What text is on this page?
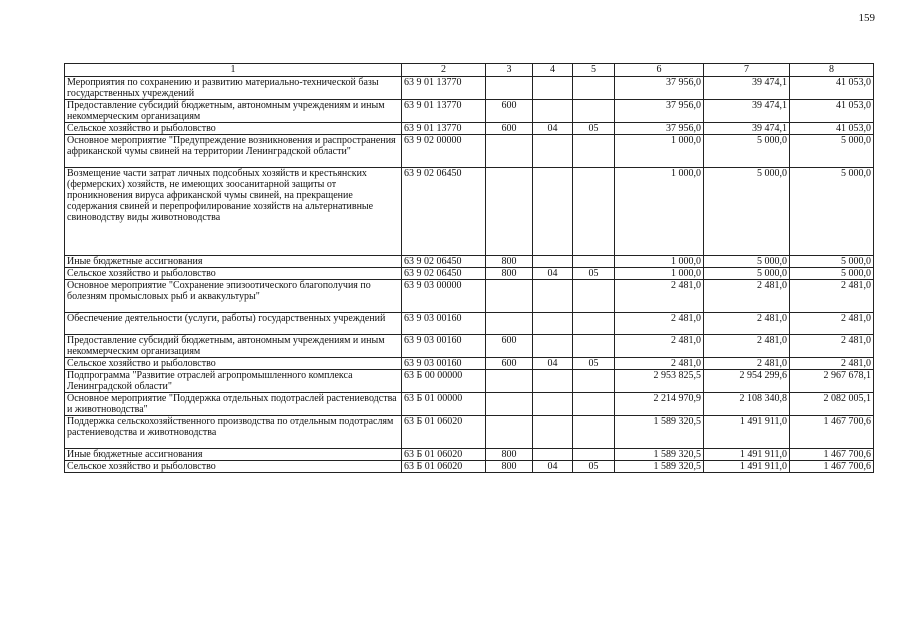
159
1	2	3	4	5	6	7	8
Мероприятия по сохранению и развитию материально-технической базы государственных учреждений	63 9 01 13770				37 956,0	39 474,1	41 053,0
Предоставление субсидий бюджетным, автономным учреждениям и иным некоммерческим организациям	63 9 01 13770	600			37 956,0	39 474,1	41 053,0
Сельское хозяйство и рыболовство	63 9 01 13770	600	04	05	37 956,0	39 474,1	41 053,0
Основное мероприятие "Предупреждение возникновения и распространения африканской чумы свиней на территории Ленинградской области"	63 9 02 00000				1 000,0	5 000,0	5 000,0
Возмещение части затрат личных подсобных хозяйств и крестьянских (фермерских) хозяйств, не имеющих зоосанитарной защиты от проникновения вируса африканской чумы свиней, на прекращение содержания свиней и перепрофилирование хозяйств на альтернативные свиноводству виды животноводства	63 9 02 06450				1 000,0	5 000,0	5 000,0
Иные бюджетные ассигнования	63 9 02 06450	800			1 000,0	5 000,0	5 000,0
Сельское хозяйство и рыболовство	63 9 02 06450	800	04	05	1 000,0	5 000,0	5 000,0
Основное мероприятие "Сохранение эпизоотического благополучия по болезням промысловых рыб и аквакультуры"	63 9 03 00000				2 481,0	2 481,0	2 481,0
Обеспечение деятельности (услуги, работы) государственных учреждений	63 9 03 00160				2 481,0	2 481,0	2 481,0
Предоставление субсидий бюджетным, автономным учреждениям и иным некоммерческим организациям	63 9 03 00160	600			2 481,0	2 481,0	2 481,0
Сельское хозяйство и рыболовство	63 9 03 00160	600	04	05	2 481,0	2 481,0	2 481,0
Подпрограмма "Развитие отраслей агропромышленного комплекса Ленинградской области"	63 Б 00 00000				2 953 825,5	2 954 299,6	2 967 678,1
Основное мероприятие "Поддержка отдельных подотраслей растениеводства и животноводства"	63 Б 01 00000				2 214 970,9	2 108 340,8	2 082 005,1
Поддержка сельскохозяйственного производства по отдельным подотраслям растениеводства и животноводства	63 Б 01 06020				1 589 320,5	1 491 911,0	1 467 700,6
Иные бюджетные ассигнования	63 Б 01 06020	800			1 589 320,5	1 491 911,0	1 467 700,6
Сельское хозяйство и рыболовство	63 Б 01 06020	800	04	05	1 589 320,5	1 491 911,0	1 467 700,6
